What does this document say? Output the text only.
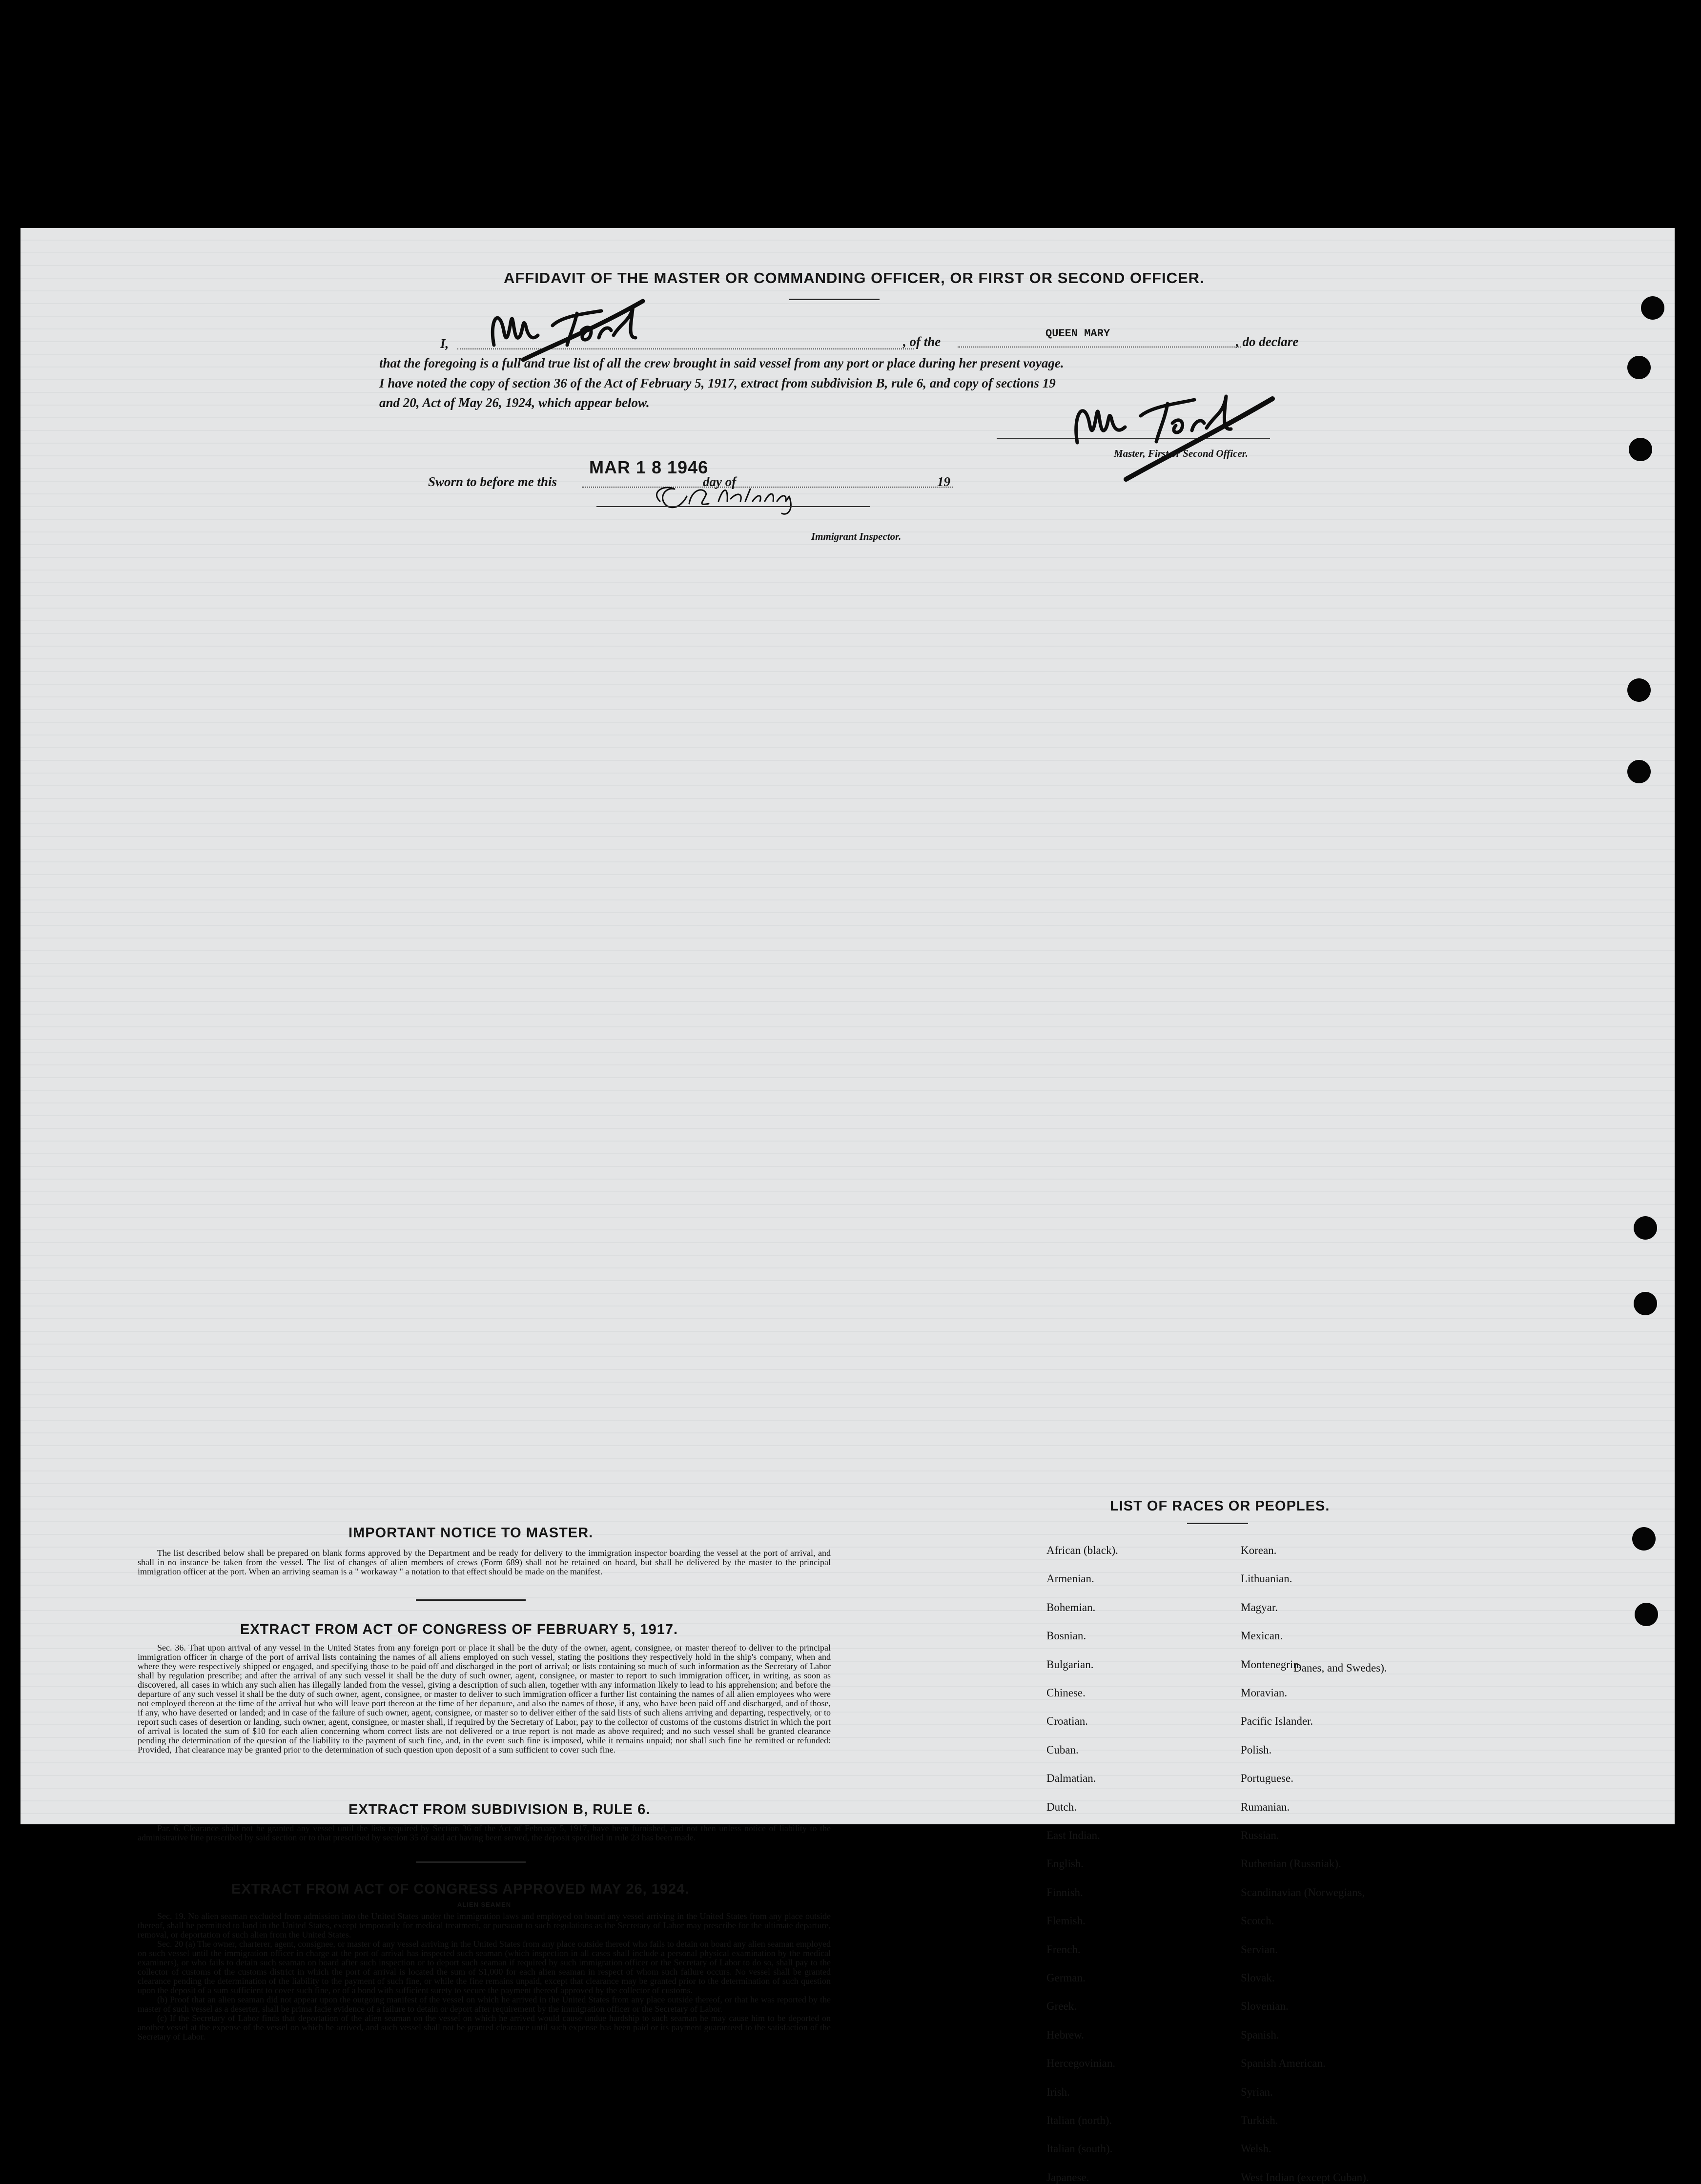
AFFIDAVIT OF THE MASTER OR COMMANDING OFFICER, OR FIRST OR SECOND OFFICER.
I,	, of the
QUEEN MARY
, do declare
that the foregoing is a full and true list of all the crew brought in said vessel from any port or place during her present voyage.
I have noted the copy of section 36 of the Act of February 5, 1917, extract from subdivision B, rule 6, and copy of sections 19
and 20, Act of May 26, 1924, which appear below.
Master, First or Second Officer.
Sworn to before me this
MAR 1 8 1946
day of	19
Immigrant Inspector.
IMPORTANT NOTICE TO MASTER.

The list described below shall be prepared on blank forms approved by the Department and be ready for delivery to the immigration inspector boarding the vessel at the port of arrival, and shall in no instance be taken from the vessel. The list of changes of alien members of crews (Form 689) shall not be retained on board, but shall be delivered by the master to the principal immigration officer at the port. When an arriving seaman is a " workaway " a notation to that effect should be made on the manifest.

EXTRACT FROM ACT OF CONGRESS OF FEBRUARY 5, 1917.

Sec. 36. That upon arrival of any vessel in the United States from any foreign port or place it shall be the duty of the owner, agent, consignee, or master thereof to deliver to the principal immigration officer in charge of the port of arrival lists containing the names of all aliens employed on such vessel, stating the positions they respectively hold in the ship's company, when and where they were respectively shipped or engaged, and specifying those to be paid off and discharged in the port of arrival; or lists containing so much of such information as the Secretary of Labor shall by regulation prescribe; and after the arrival of any such vessel it shall be the duty of such owner, agent, consignee, or master to report to such immigration officer, in writing, as soon as discovered, all cases in which any such alien has illegally landed from the vessel, giving a description of such alien, together with any information likely to lead to his apprehension; and before the departure of any such vessel it shall be the duty of such owner, agent, consignee, or master to deliver to such immigration officer a further list containing the names of all alien employees who were not employed thereon at the time of the arrival but who will leave port thereon at the time of her departure, and also the names of those, if any, who have been paid off and discharged, and of those, if any, who have deserted or landed; and in case of the failure of such owner, agent, consignee, or master so to deliver either of the said lists of such aliens arriving and departing, respectively, or to report such cases of desertion or landing, such owner, agent, consignee, or master shall, if required by the Secretary of Labor, pay to the collector of customs of the customs district in which the port of arrival is located the sum of $10 for each alien concerning whom correct lists are not delivered or a true report is not made as above required; and no such vessel shall be granted clearance pending the determination of the question of the liability to the payment of such fine, and, in the event such fine is imposed, while it remains unpaid; nor shall such fine be remitted or refunded: Provided, That clearance may be granted prior to the determination of such question upon deposit of a sum sufficient to cover such fine.

EXTRACT FROM SUBDIVISION B, RULE 6.

Par. 6. Clearance shall not be granted any vessel until the lists required by Section 36 of the Act of February 5, 1917, have been furnished, and not then unless notice of liability to the administrative fine prescribed by said section or to that prescribed by section 35 of said act having been served, the deposit specified in rule 23 has been made.

EXTRACT FROM ACT OF CONGRESS APPROVED MAY 26, 1924.
ALIEN SEAMEN

Sec. 19. No alien seaman excluded from admission into the United States under the immigration laws and employed on board any vessel arriving in the United States from any place outside thereof, shall be permitted to land in the United States, except temporarily for medical treatment, or pursuant to such regulations as the Secretary of Labor may prescribe for the ultimate departure, removal, or deportation of such alien from the United States.

Sec. 20 (a) The owner, charterer, agent, consignee, or master of any vessel arriving in the United States from any place outside thereof who fails to detain on board any alien seaman employed on such vessel until the immigration officer in charge at the port of arrival has inspected such seaman (which inspection in all cases shall include a personal physical examination by the medical examiners), or who fails to detain such seaman on board after such inspection or to deport such seaman if required by such immigration officer or the Secretary of Labor to do so, shall pay to the collector of customs of the customs district in which the port of arrival is located the sum of $1,000 for each alien seaman in respect of whom such failure occurs. No vessel shall be granted clearance pending the determination of the liability to the payment of such fine, or while the fine remains unpaid, except that clearance may be granted prior to the determination of such question upon the deposit of a sum sufficient to cover such fine, or of a bond with sufficient surety to secure the payment thereof approved by the collector of customs.

(b) Proof that an alien seaman did not appear upon the outgoing manifest of the vessel on which he arrived in the United States from any place outside thereof, or that he was reported by the master of such vessel as a deserter, shall be prima facie evidence of a failure to detain or deport after requirement by the immigration officer or the Secretary of Labor.

(c) If the Secretary of Labor finds that deportation of the alien seaman on the vessel on which he arrived would cause undue hardship to such seaman he may cause him to be deported on another vessel at the expense of the vessel on which he arrived, and such vessel shall not be granted clearance until such expense has been paid or its payment guaranteed to the satisfaction of the Secretary of Labor.

LIST OF RACES OR PEOPLES.
African (black).
Armenian.
Bohemian.
Bosnian.
Bulgarian.
Chinese.
Croatian.
Cuban.
Dalmatian.
Dutch.
East Indian.
English.
Finnish.
Flemish.
French.
German.
Greek.
Hebrew.
Hercegovinian.
Irish.
Italian (north).
Italian (south).
Japanese.
Korean.
Lithuanian.
Magyar.
Mexican.
Montenegrin.
Moravian.
Pacific Islander.
Polish.
Portuguese.
Rumanian.
Russian.
Ruthenian (Russniak).
Scandinavian (Norwegians,
Scotch.
Servian.
Slovak.
Slovenian.
Spanish.
Spanish American.
Syrian.
Turkish.
Welsh.
West Indian (except Cuban).
Danes, and Swedes).
